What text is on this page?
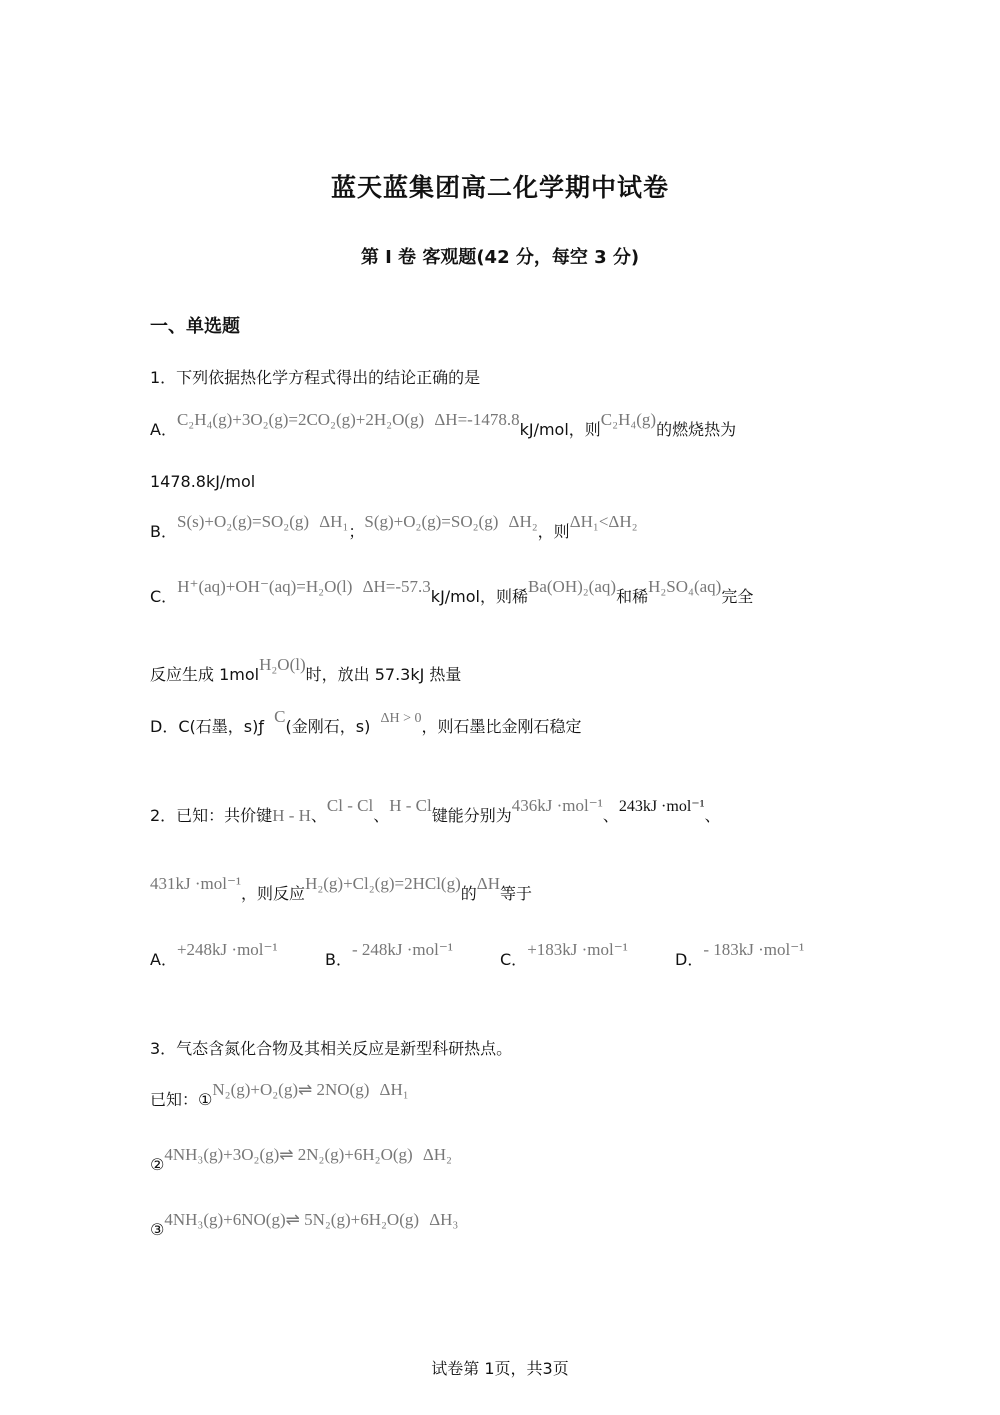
蓝天蓝集团高二化学期中试卷
第 I 卷 客观题(42 分，每空 3 分)
一、单选题
1．下列依据热化学方程式得出的结论正确的是
A．C₂H₄(g)+3O₂(g)=2CO₂(g)+2H₂O(g) ΔH=-1478.8kJ/mol，则C₂H₄(g)的燃烧热为
1478.8kJ/mol
B．S(s)+O₂(g)=SO₂(g) ΔH₁；S(g)+O₂(g)=SO₂(g) ΔH₂，则ΔH₁<ΔH₂
C．H⁺(aq)+OH⁻(aq)=H₂O(l) ΔH=-57.3kJ/mol，则稀Ba(OH)₂(aq)和稀H₂SO₄(aq)完全
反应生成 1molH₂O(l)时，放出 57.3kJ 热量
D．C(石墨，s)ƒ  C(金刚石，s) ΔH > 0，则石墨比金刚石稳定
2．已知：共价键H - H、Cl - Cl、H - Cl键能分别为436kJ ·mol⁻¹、243kJ ·mol⁻¹、
431kJ ·mol⁻¹，则反应H₂(g)+Cl₂(g)=2HCl(g)的ΔH等于
A．+248kJ ·mol⁻¹
B．- 248kJ ·mol⁻¹
C．+183kJ ·mol⁻¹
D．- 183kJ ·mol⁻¹
3．气态含氮化合物及其相关反应是新型科研热点。
已知：①N₂(g)+O₂(g)⇌ 2NO(g) ΔH₁
②4NH₃(g)+3O₂(g)⇌ 2N₂(g)+6H₂O(g) ΔH₂
③4NH₃(g)+6NO(g)⇌ 5N₂(g)+6H₂O(g) ΔH₃
试卷第 1页，共3页
